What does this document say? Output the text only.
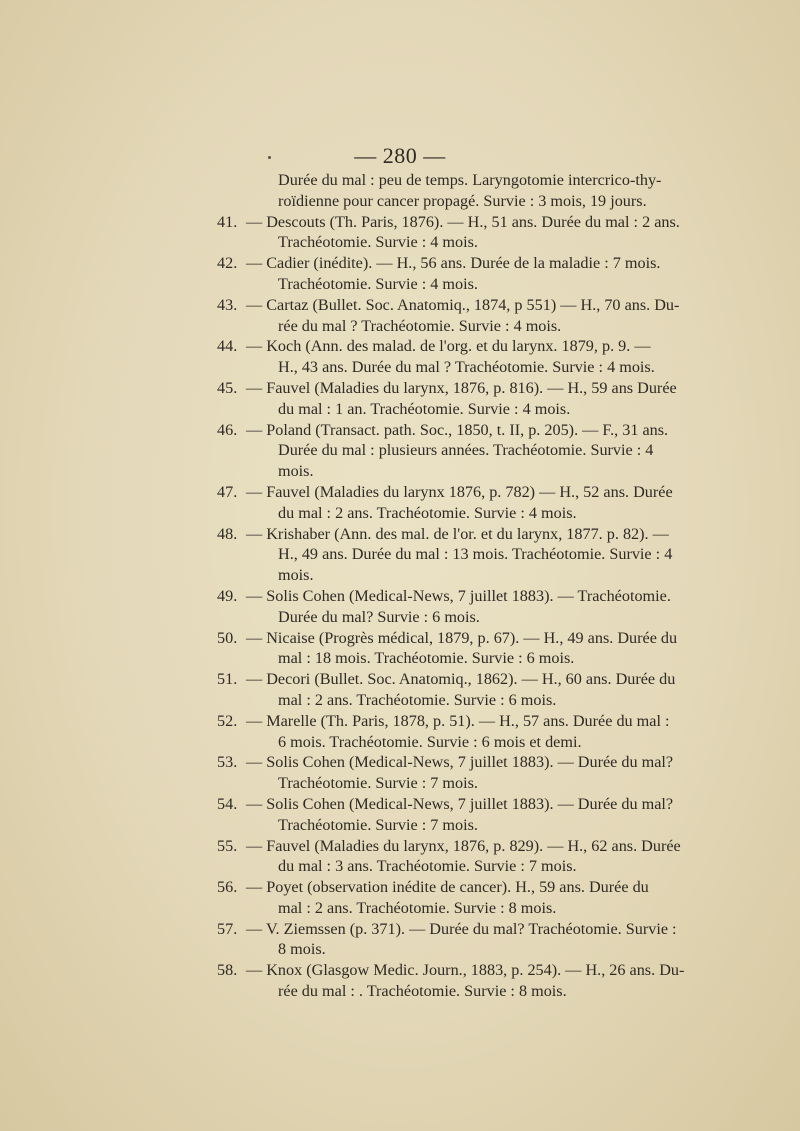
— 280 —
Durée du mal : peu de temps. Laryngotomie intercrico-thy-
roïdienne pour cancer propagé. Survie : 3 mois, 19 jours.
41. — Descouts (Th. Paris, 1876). — H., 51 ans. Durée du mal : 2 ans.
Trachéotomie. Survie : 4 mois.
42. — Cadier (inédite). — H., 56 ans. Durée de la maladie : 7 mois.
Trachéotomie. Survie : 4 mois.
43. — Cartaz (Bullet. Soc. Anatomiq., 1874, p 551) — H., 70 ans. Du-
rée du mal ? Trachéotomie. Survie : 4 mois.
44. — Koch (Ann. des malad. de l'org. et du larynx. 1879, p. 9. —
H., 43 ans. Durée du mal ? Trachéotomie. Survie : 4 mois.
45. — Fauvel (Maladies du larynx, 1876, p. 816). — H., 59 ans Durée
du mal : 1 an. Trachéotomie. Survie : 4 mois.
46. — Poland (Transact. path. Soc., 1850, t. II, p. 205). — F., 31 ans.
Durée du mal : plusieurs années. Trachéotomie. Survie : 4
mois.
47. — Fauvel (Maladies du larynx 1876, p. 782) — H., 52 ans. Durée
du mal : 2 ans. Trachéotomie. Survie : 4 mois.
48. — Krishaber (Ann. des mal. de l'or. et du larynx, 1877. p. 82). —
H., 49 ans. Durée du mal : 13 mois. Trachéotomie. Survie : 4
mois.
49. — Solis Cohen (Medical-News, 7 juillet 1883). — Trachéotomie.
Durée du mal? Survie : 6 mois.
50. — Nicaise (Progrès médical, 1879, p. 67). — H., 49 ans. Durée du
mal : 18 mois. Trachéotomie. Survie : 6 mois.
51. — Decori (Bullet. Soc. Anatomiq., 1862). — H., 60 ans. Durée du
mal : 2 ans. Trachéotomie. Survie : 6 mois.
52. — Marelle (Th. Paris, 1878, p. 51). — H., 57 ans. Durée du mal :
6 mois. Trachéotomie. Survie : 6 mois et demi.
53. — Solis Cohen (Medical-News, 7 juillet 1883). — Durée du mal?
Trachéotomie. Survie : 7 mois.
54. — Solis Cohen (Medical-News, 7 juillet 1883). — Durée du mal?
Trachéotomie. Survie : 7 mois.
55. — Fauvel (Maladies du larynx, 1876, p. 829). — H., 62 ans. Durée
du mal : 3 ans. Trachéotomie. Survie : 7 mois.
56. — Poyet (observation inédite de cancer). H., 59 ans. Durée du
mal : 2 ans. Trachéotomie. Survie : 8 mois.
57. — V. Ziemssen (p. 371). — Durée du mal? Trachéotomie. Survie :
8 mois.
58. — Knox (Glasgow Medic. Journ., 1883, p. 254). — H., 26 ans. Du-
rée du mal : . Trachéotomie. Survie : 8 mois.
